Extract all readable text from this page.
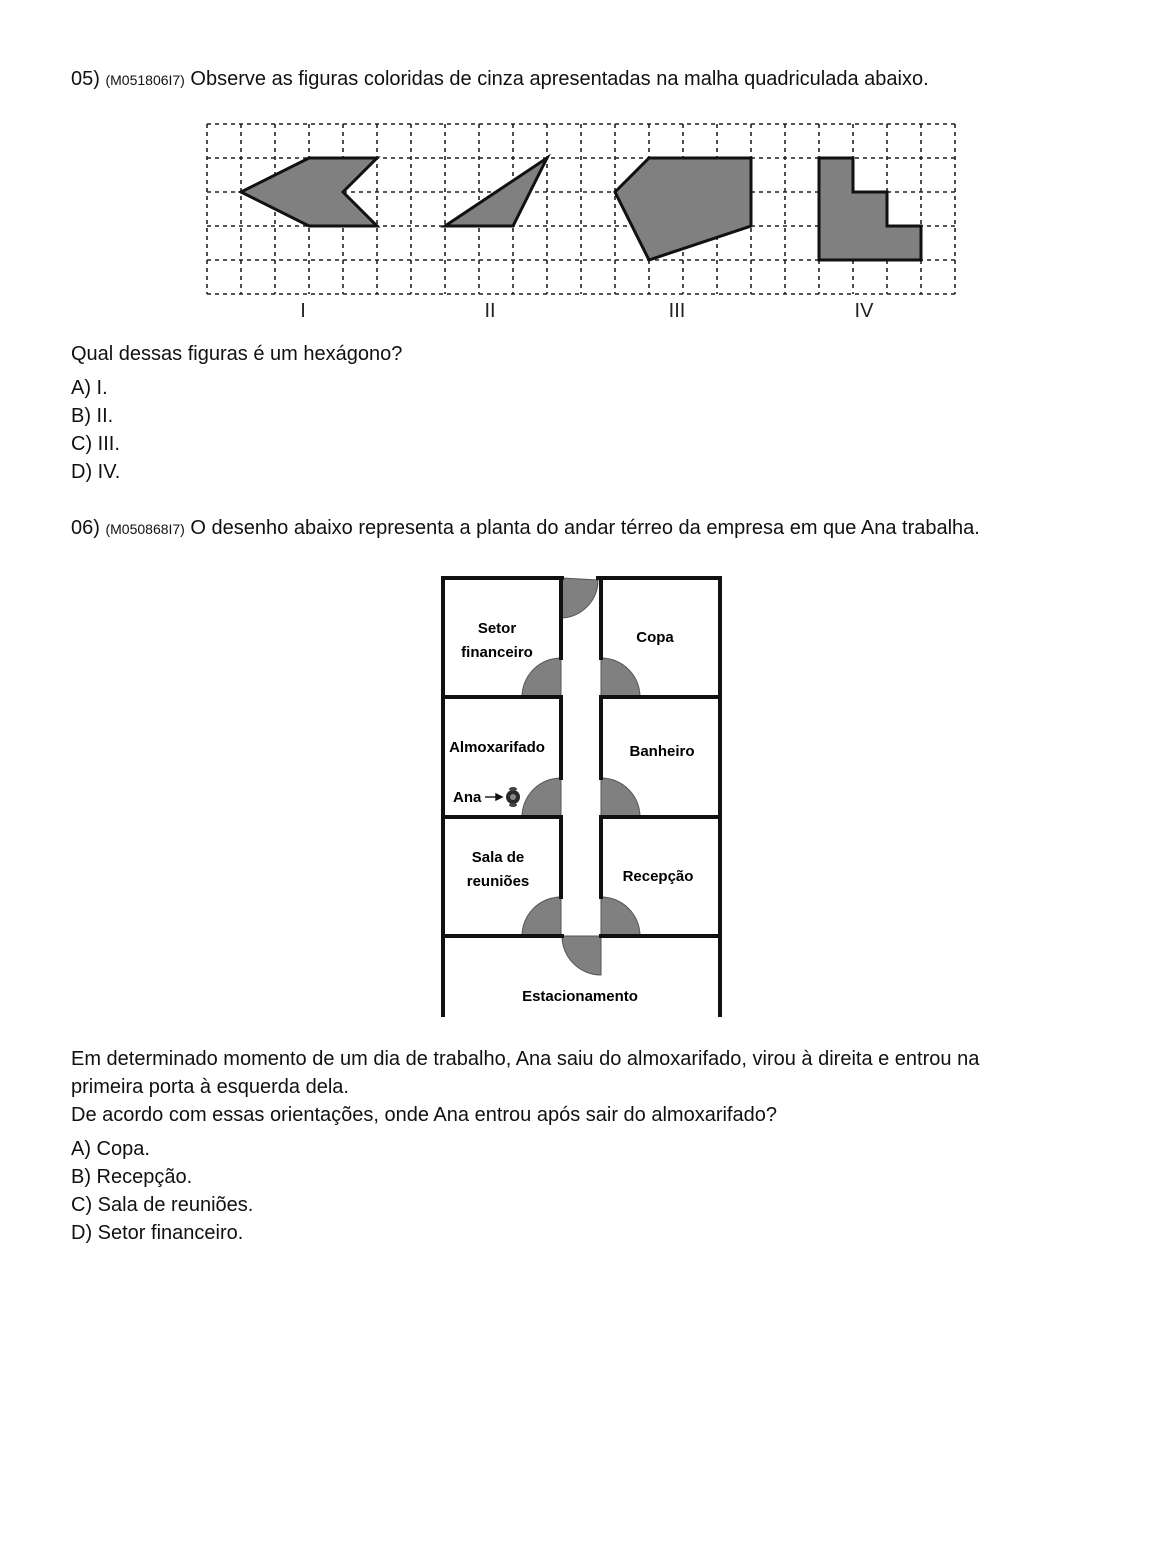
05) (M051806I7) Observe as figuras coloridas de cinza apresentadas na malha quadriculada abaixo.
I	II	III	IV
Qual dessas figuras é um hexágono?
A) I.
B) II.
C) III.
D) IV.
06) (M050868I7) O desenho abaixo representa a planta do andar térreo da empresa em que Ana trabalha.
Setor
financeiro
Almoxarifado
Sala de
reuniões
Copa
Banheiro
Recepção
Estacionamento
Ana
Em determinado momento de um dia de trabalho, Ana saiu do almoxarifado, virou à direita e entrou na
primeira porta à esquerda dela.
De acordo com essas orientações, onde Ana entrou após sair do almoxarifado?
A) Copa.
B) Recepção.
C) Sala de reuniões.
D) Setor financeiro.
